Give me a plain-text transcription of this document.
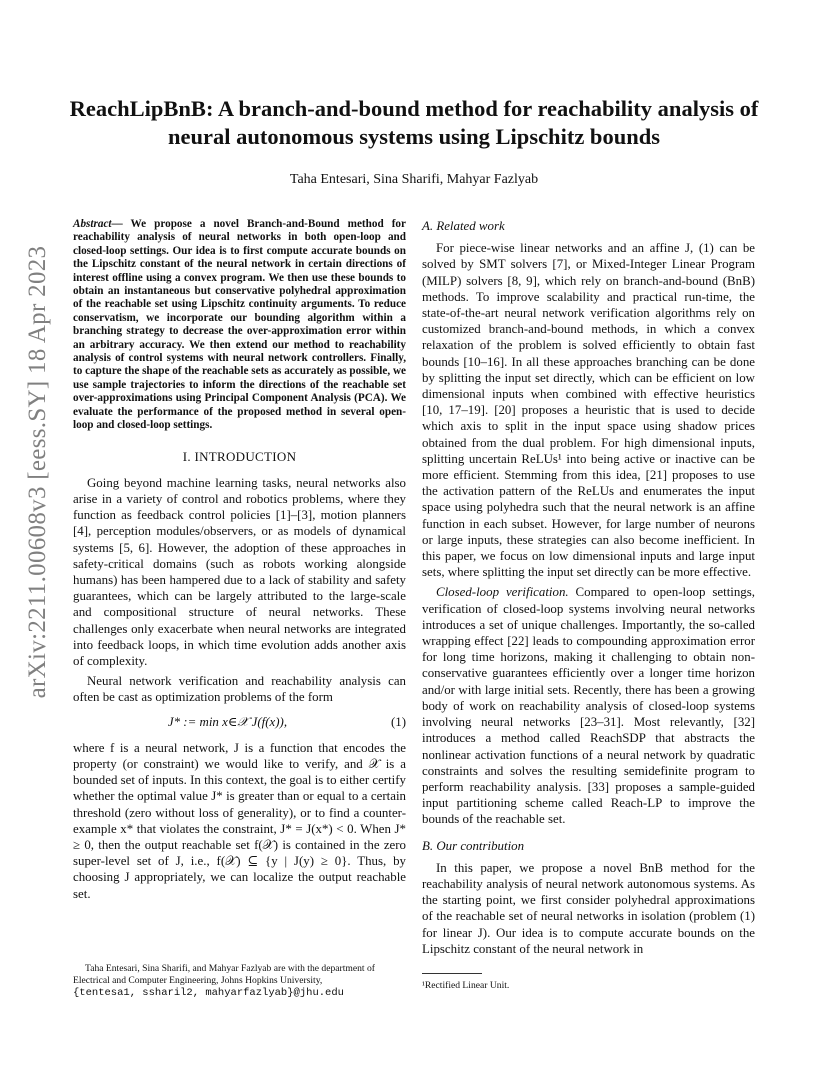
arXiv:2211.00608v3 [eess.SY] 18 Apr 2023
ReachLipBnB: A branch-and-bound method for reachability analysis of neural autonomous systems using Lipschitz bounds
Taha Entesari, Sina Sharifi, Mahyar Fazlyab

Abstract— We propose a novel Branch-and-Bound method for reachability analysis of neural networks in both open-loop and closed-loop settings. Our idea is to first compute accurate bounds on the Lipschitz constant of the neural network in certain directions of interest offline using a convex program. We then use these bounds to obtain an instantaneous but conservative polyhedral approximation of the reachable set using Lipschitz continuity arguments. To reduce conservatism, we incorporate our bounding algorithm within a branching strategy to decrease the over-approximation error within an arbitrary accuracy. We then extend our method to reachability analysis of control systems with neural network controllers. Finally, to capture the shape of the reachable sets as accurately as possible, we use sample trajectories to inform the directions of the reachable set over-approximations using Principal Component Analysis (PCA). We evaluate the performance of the proposed method in several open-loop and closed-loop settings.

I. INTRODUCTION

Going beyond machine learning tasks, neural networks also arise in a variety of control and robotics problems, where they function as feedback control policies [1]–[3], motion planners [4], perception modules/observers, or as models of dynamical systems [5, 6]. However, the adoption of these approaches in safety-critical domains (such as robots working alongside humans) has been hampered due to a lack of stability and safety guarantees, which can be largely attributed to the large-scale and compositional structure of neural networks. These challenges only exacerbate when neural networks are integrated into feedback loops, in which time evolution adds another axis of complexity.

Neural network verification and reachability analysis can often be cast as optimization problems of the form

J* := min x∈𝒳 J(f(x)),	(1)

where f is a neural network, J is a function that encodes the property (or constraint) we would like to verify, and 𝒳 is a bounded set of inputs. In this context, the goal is to either certify whether the optimal value J* is greater than or equal to a certain threshold (zero without loss of generality), or to find a counter-example x* that violates the constraint, J* = J(x*) < 0. When J* ≥ 0, then the output reachable set f(𝒳) is contained in the zero super-level set of J, i.e., f(𝒳) ⊆ {y | J(y) ≥ 0}. Thus, by choosing J appropriately, we can localize the output reachable set.

A. Related work

For piece-wise linear networks and an affine J, (1) can be solved by SMT solvers [7], or Mixed-Integer Linear Program (MILP) solvers [8, 9], which rely on branch-and-bound (BnB) methods. To improve scalability and practical run-time, the state-of-the-art neural network verification algorithms rely on customized branch-and-bound methods, in which a convex relaxation of the problem is solved efficiently to obtain fast bounds [10–16]. In all these approaches branching can be done by splitting the input set directly, which can be efficient on low dimensional inputs when combined with effective heuristics [10, 17–19]. [20] proposes a heuristic that is used to decide which axis to split in the input space using shadow prices obtained from the dual problem. For high dimensional inputs, splitting uncertain ReLUs¹ into being active or inactive can be more efficient. Stemming from this idea, [21] proposes to use the activation pattern of the ReLUs and enumerates the input space using polyhedra such that the neural network is an affine function in each subset. However, for large number of neurons or large inputs, these strategies can also become inefficient. In this paper, we focus on low dimensional inputs and large input sets, where splitting the input set directly can be more effective.

Closed-loop verification. Compared to open-loop settings, verification of closed-loop systems involving neural networks introduces a set of unique challenges. Importantly, the so-called wrapping effect [22] leads to compounding approximation error for long time horizons, making it challenging to obtain non-conservative guarantees efficiently over a longer time horizon and/or with large initial sets. Recently, there has been a growing body of work on reachability analysis of closed-loop systems involving neural networks [23–31]. Most relevantly, [32] introduces a method called ReachSDP that abstracts the nonlinear activation functions of a neural network by quadratic constraints and solves the resulting semidefinite program to perform reachability analysis. [33] proposes a sample-guided input partitioning scheme called Reach-LP to improve the bounds of the reachable set.

B. Our contribution

In this paper, we propose a novel BnB method for the reachability analysis of neural network autonomous systems. As the starting point, we first consider polyhedral approximations of the reachable set of neural networks in isolation (problem (1) for linear J). Our idea is to compute accurate bounds on the Lipschitz constant of the neural network in

Taha Entesari, Sina Sharifi, and Mahyar Fazlyab are with the department of Electrical and Computer Engineering, Johns Hopkins University,
{tentesa1, ssharil2, mahyarfazlyab}@jhu.edu
¹Rectified Linear Unit.
